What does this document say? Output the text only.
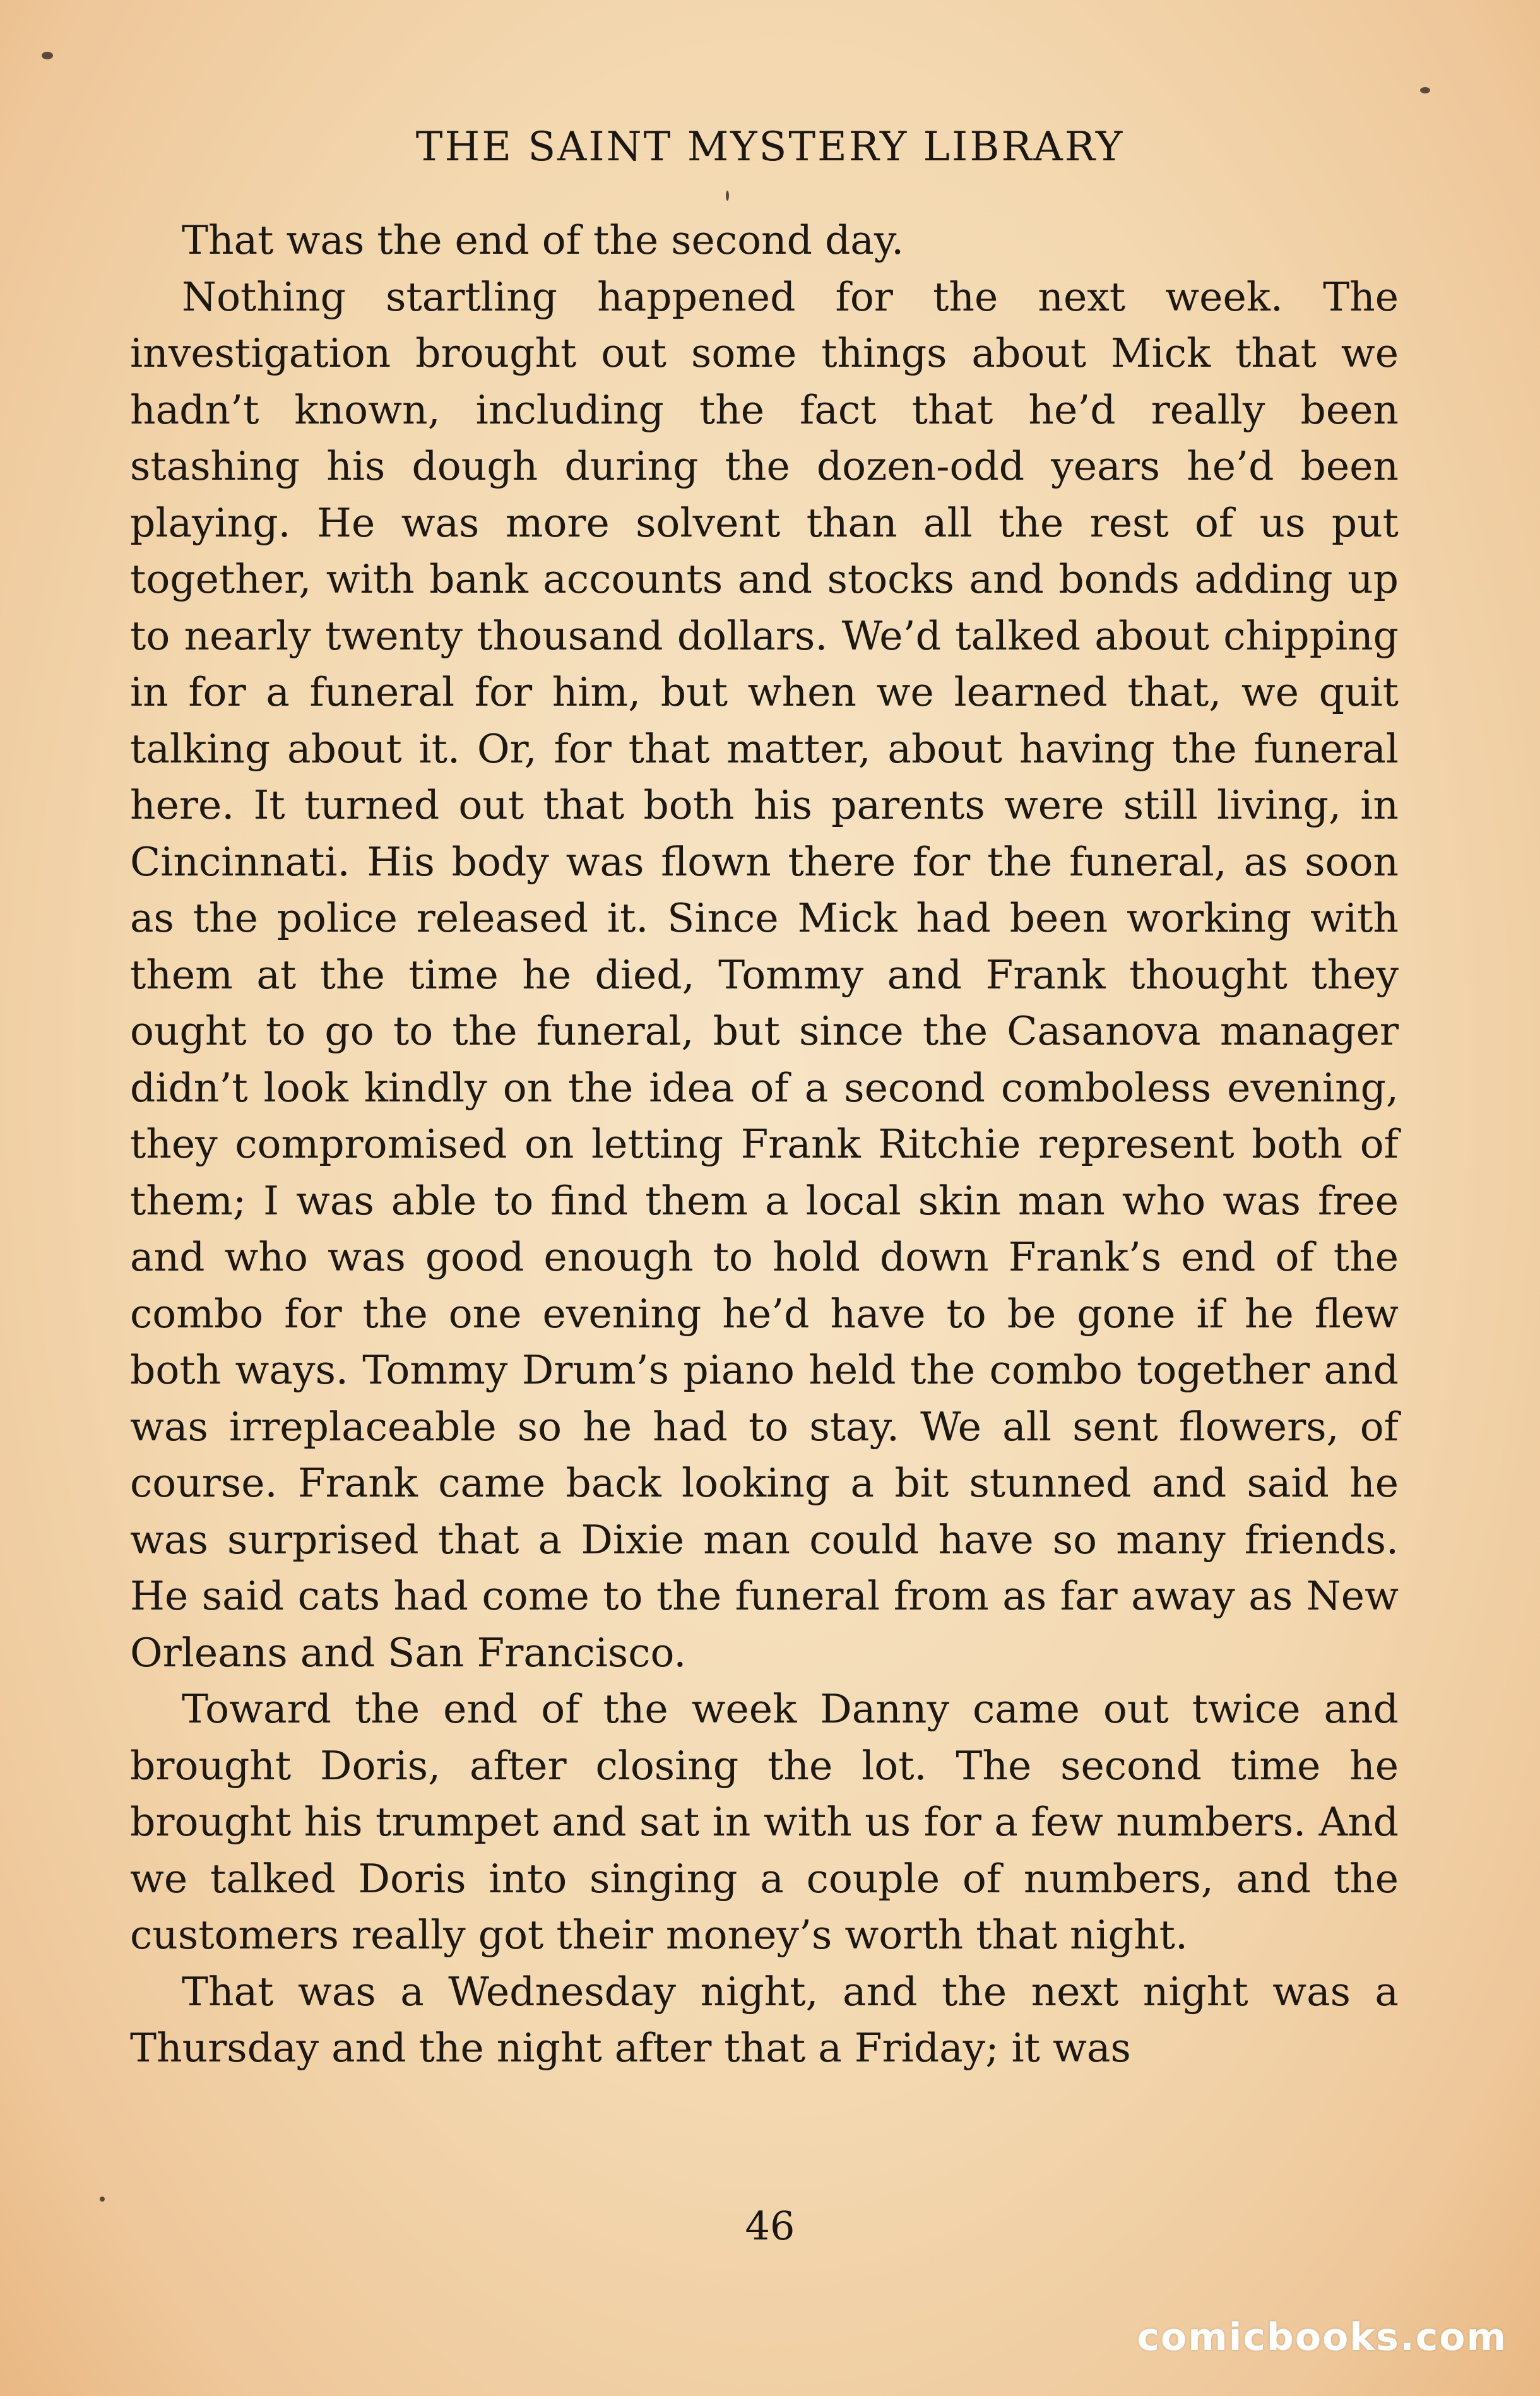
THE SAINT MYSTERY LIBRARY

That was the end of the second day.

Nothing startling happened for the next week. The investigation brought out some things about Mick that we hadn’t known, including the fact that he’d really been stashing his dough during the dozen-odd years he’d been playing. He was more solvent than all the rest of us put together, with bank accounts and stocks and bonds adding up to nearly twenty thousand dollars. We’d talked about chipping in for a funeral for him, but when we learned that, we quit talking about it. Or, for that matter, about having the funeral here. It turned out that both his parents were still living, in Cincinnati. His body was flown there for the funeral, as soon as the police released it. Since Mick had been working with them at the time he died, Tommy and Frank thought they ought to go to the funeral, but since the Casanova manager didn’t look kindly on the idea of a second comboless evening, they compromised on letting Frank Ritchie represent both of them; I was able to find them a local skin man who was free and who was good enough to hold down Frank’s end of the combo for the one evening he’d have to be gone if he flew both ways. Tommy Drum’s piano held the combo together and was irreplaceable so he had to stay. We all sent flowers, of course. Frank came back looking a bit stunned and said he was surprised that a Dixie man could have so many friends. He said cats had come to the funeral from as far away as New Orleans and San Francisco.

Toward the end of the week Danny came out twice and brought Doris, after closing the lot. The second time he brought his trumpet and sat in with us for a few numbers. And we talked Doris into singing a couple of numbers, and the customers really got their money’s worth that night.

That was a Wednesday night, and the next night was a Thursday and the night after that a Friday; it was

46
comicbooks.com
